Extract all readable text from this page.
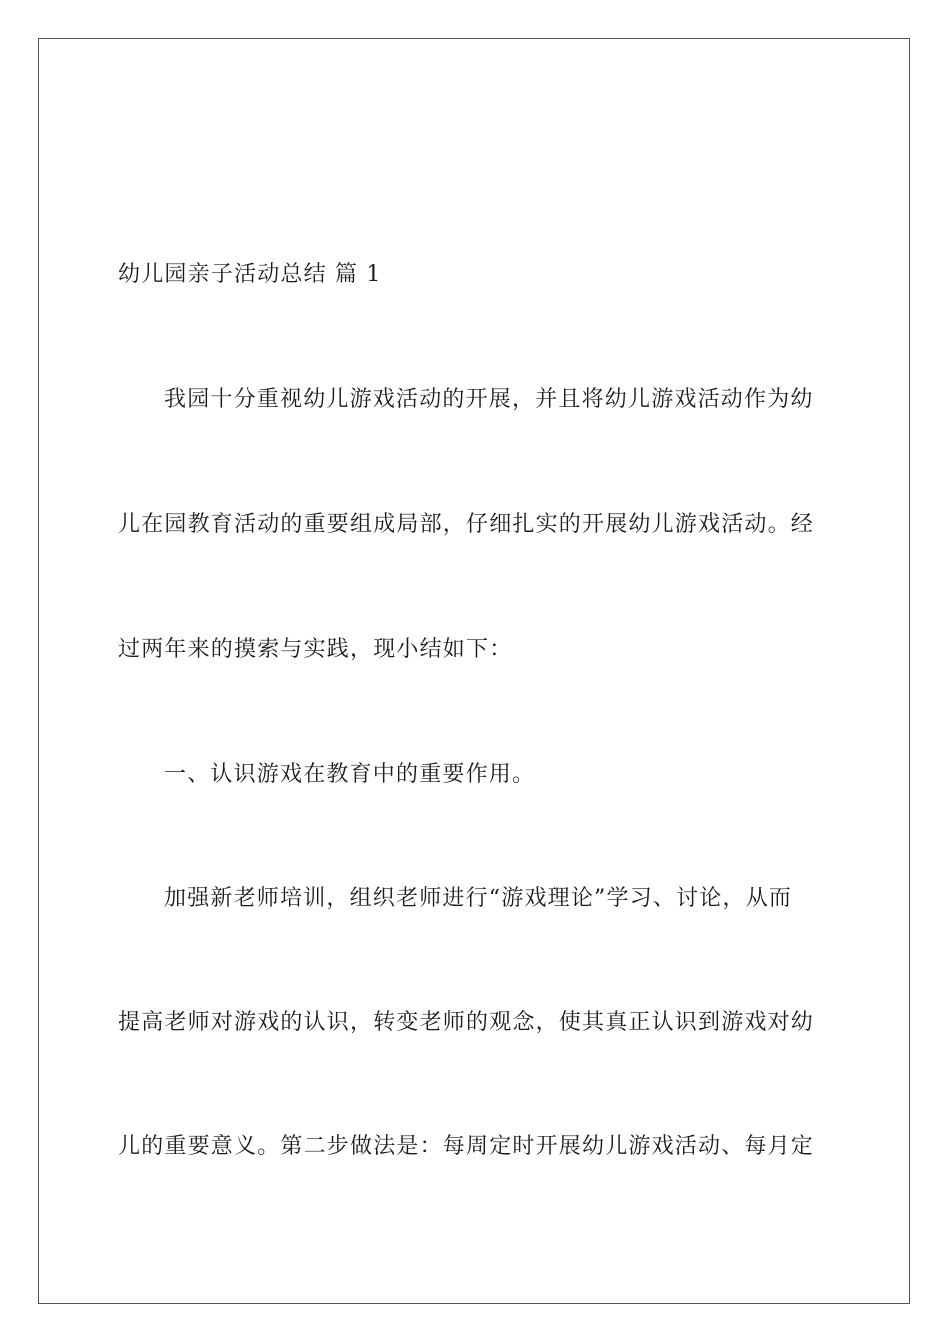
幼儿园亲子活动总结 篇 1
我园十分重视幼儿游戏活动的开展，并且将幼儿游戏活动作为幼
儿在园教育活动的重要组成局部，仔细扎实的开展幼儿游戏活动。经
过两年来的摸索与实践，现小结如下：
一、认识游戏在教育中的重要作用。
加强新老师培训，组织老师进行“游戏理论”学习、讨论，从而
提高老师对游戏的认识，转变老师的观念，使其真正认识到游戏对幼
儿的重要意义。第二步做法是：每周定时开展幼儿游戏活动、每月定
